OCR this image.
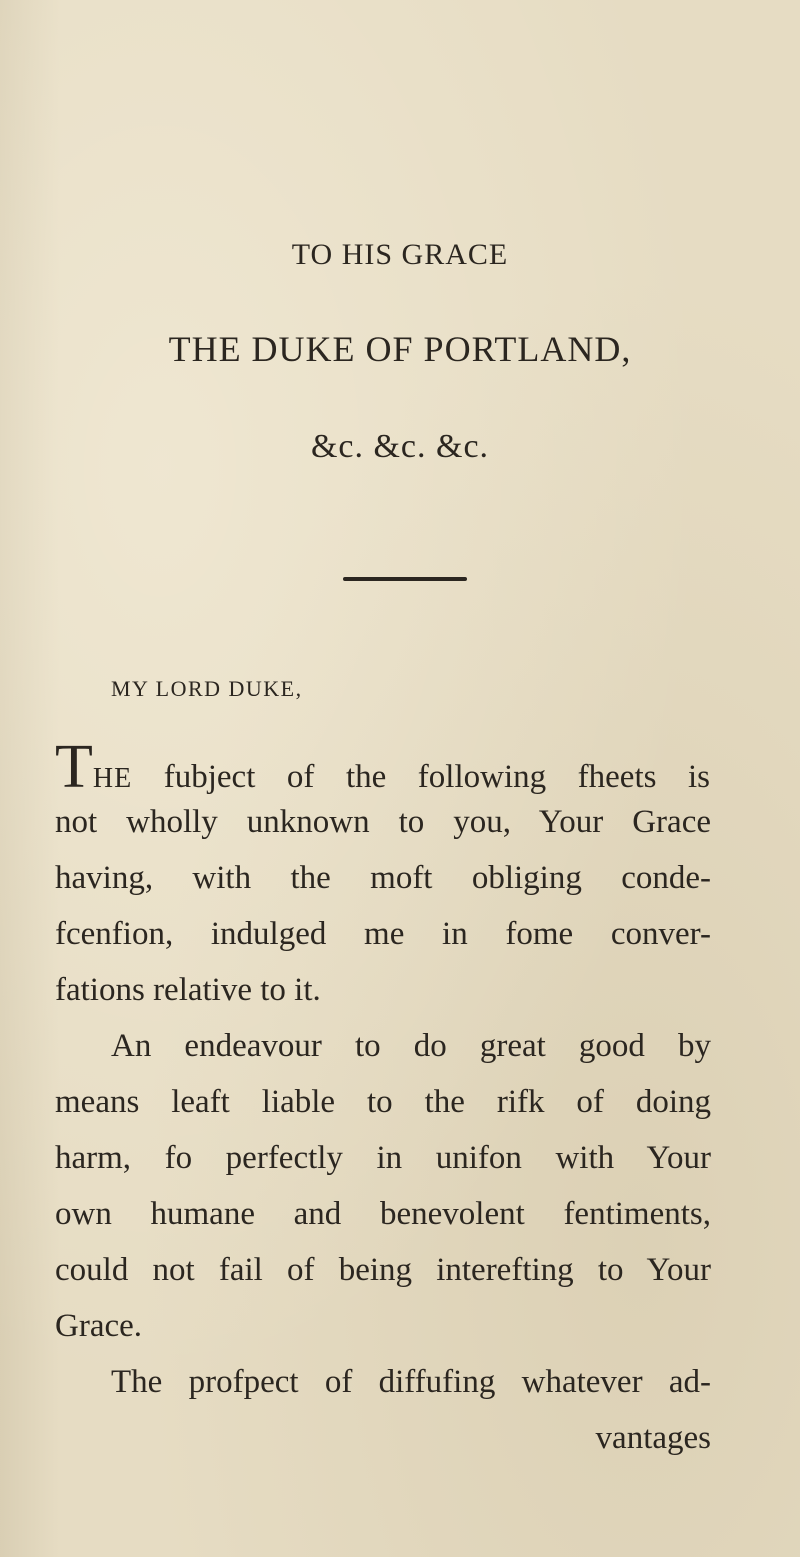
TO HIS GRACE
THE DUKE OF PORTLAND,
&c. &c. &c.
MY LORD DUKE,
THE fubject of the following fheets is
not wholly unknown to you, Your Grace
having, with the moft obliging conde-
fcenfion, indulged me in fome conver-
fations relative to it.
An endeavour to do great good by
means leaft liable to the rifk of doing
harm, fo perfectly in unifon with Your
own humane and benevolent fentiments,
could not fail of being interefting to Your
Grace.
The profpect of diffufing whatever ad-
vantages
